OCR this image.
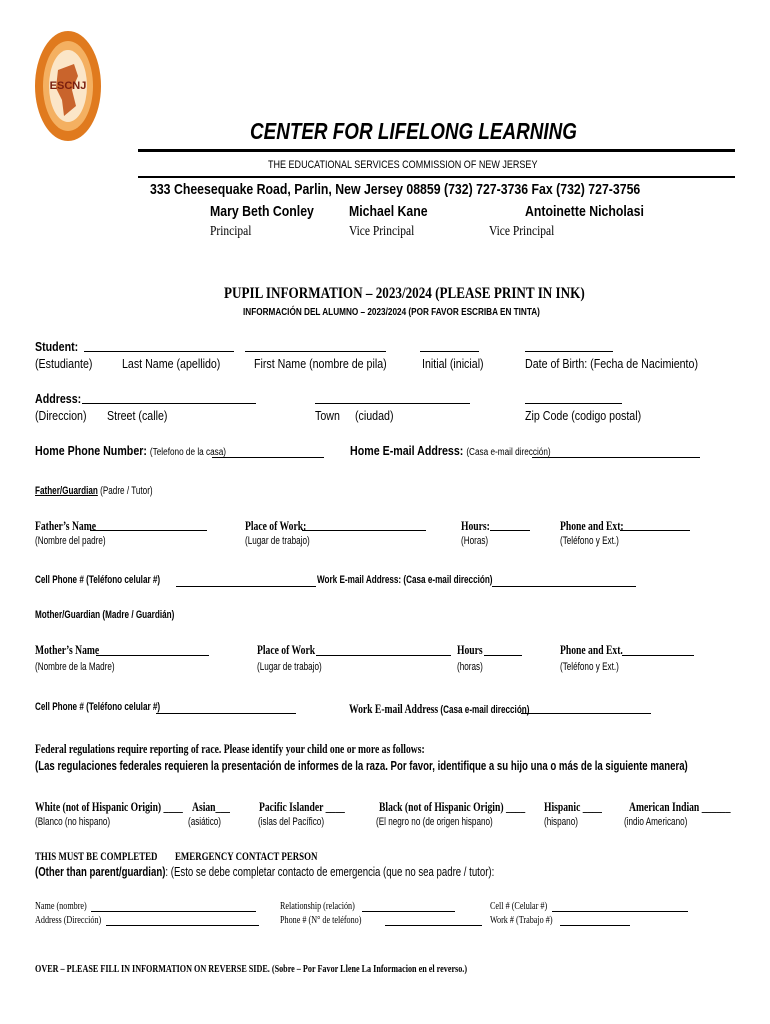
ESCNJ
CENTER FOR LIFELONG LEARNING
THE EDUCATIONAL SERVICES COMMISSION OF NEW JERSEY
333 Cheesequake Road, Parlin, New Jersey 08859 (732) 727-3736 Fax (732) 727-3756
Mary Beth Conley	Michael Kane	Antoinette Nicholasi
Principal	Vice Principal	Vice Principal
PUPIL INFORMATION – 2023/2024 (PLEASE PRINT IN INK)
INFORMACIÓN DEL ALUMNO – 2023/2024 (POR FAVOR ESCRIBA EN TINTA)
Student:
(Estudiante)	Last Name (apellido)	First Name (nombre de pila)	Initial (inicial)	Date of Birth: (Fecha de Nacimiento)
Address:
(Direccion)	Street (calle)	Town	(ciudad)	Zip Code (codigo postal)
Home Phone Number: (Telefono de la casa)	Home E-mail Address: (Casa e-mail dirección)
Father/Guardian (Padre / Tutor)
Father’s Name	Place of Work:	Hours:	Phone and Ext:
(Nombre del padre)	(Lugar de trabajo)	(Horas)	(Teléfono y Ext.)
Cell Phone # (Teléfono celular #)	Work E-mail Address: (Casa e-mail dirección)
Mother/Guardian (Madre / Guardián)
Mother’s Name	Place of Work	Hours	Phone and Ext.
(Nombre de la Madre)	(Lugar de trabajo)	(horas)	(Teléfono y Ext.)
Cell Phone # (Teléfono celular #)	Work E-mail Address (Casa e-mail dirección)
Federal regulations require reporting of race. Please identify your child one or more as follows:
(Las regulaciones federales requieren la presentación de informes de la raza. Por favor, identifique a su hijo una o más de la siguiente manera)
White (not of Hispanic Origin) ____ Asian___	Pacific Islander ____	Black (not of Hispanic Origin) ____	Hispanic ____	American Indian ______
(Blanco (no hispano)	(asiático)	(islas del Pacífico)	(El negro no (de origen hispano)	(hispano)	(indio Americano)
THIS MUST BE COMPLETED	EMERGENCY CONTACT PERSON
(Other than parent/guardian): (Esto se debe completar contacto de emergencia (que no sea padre / tutor):
Name (nombre)
Address (Dirección)
Relationship (relación)
Phone # (N° de teléfono)
Cell # (Celular #)
Work # (Trabajo #)
OVER – PLEASE FILL IN INFORMATION ON REVERSE SIDE. (Sobre – Por Favor Llene La Informacion en el reverso.)
